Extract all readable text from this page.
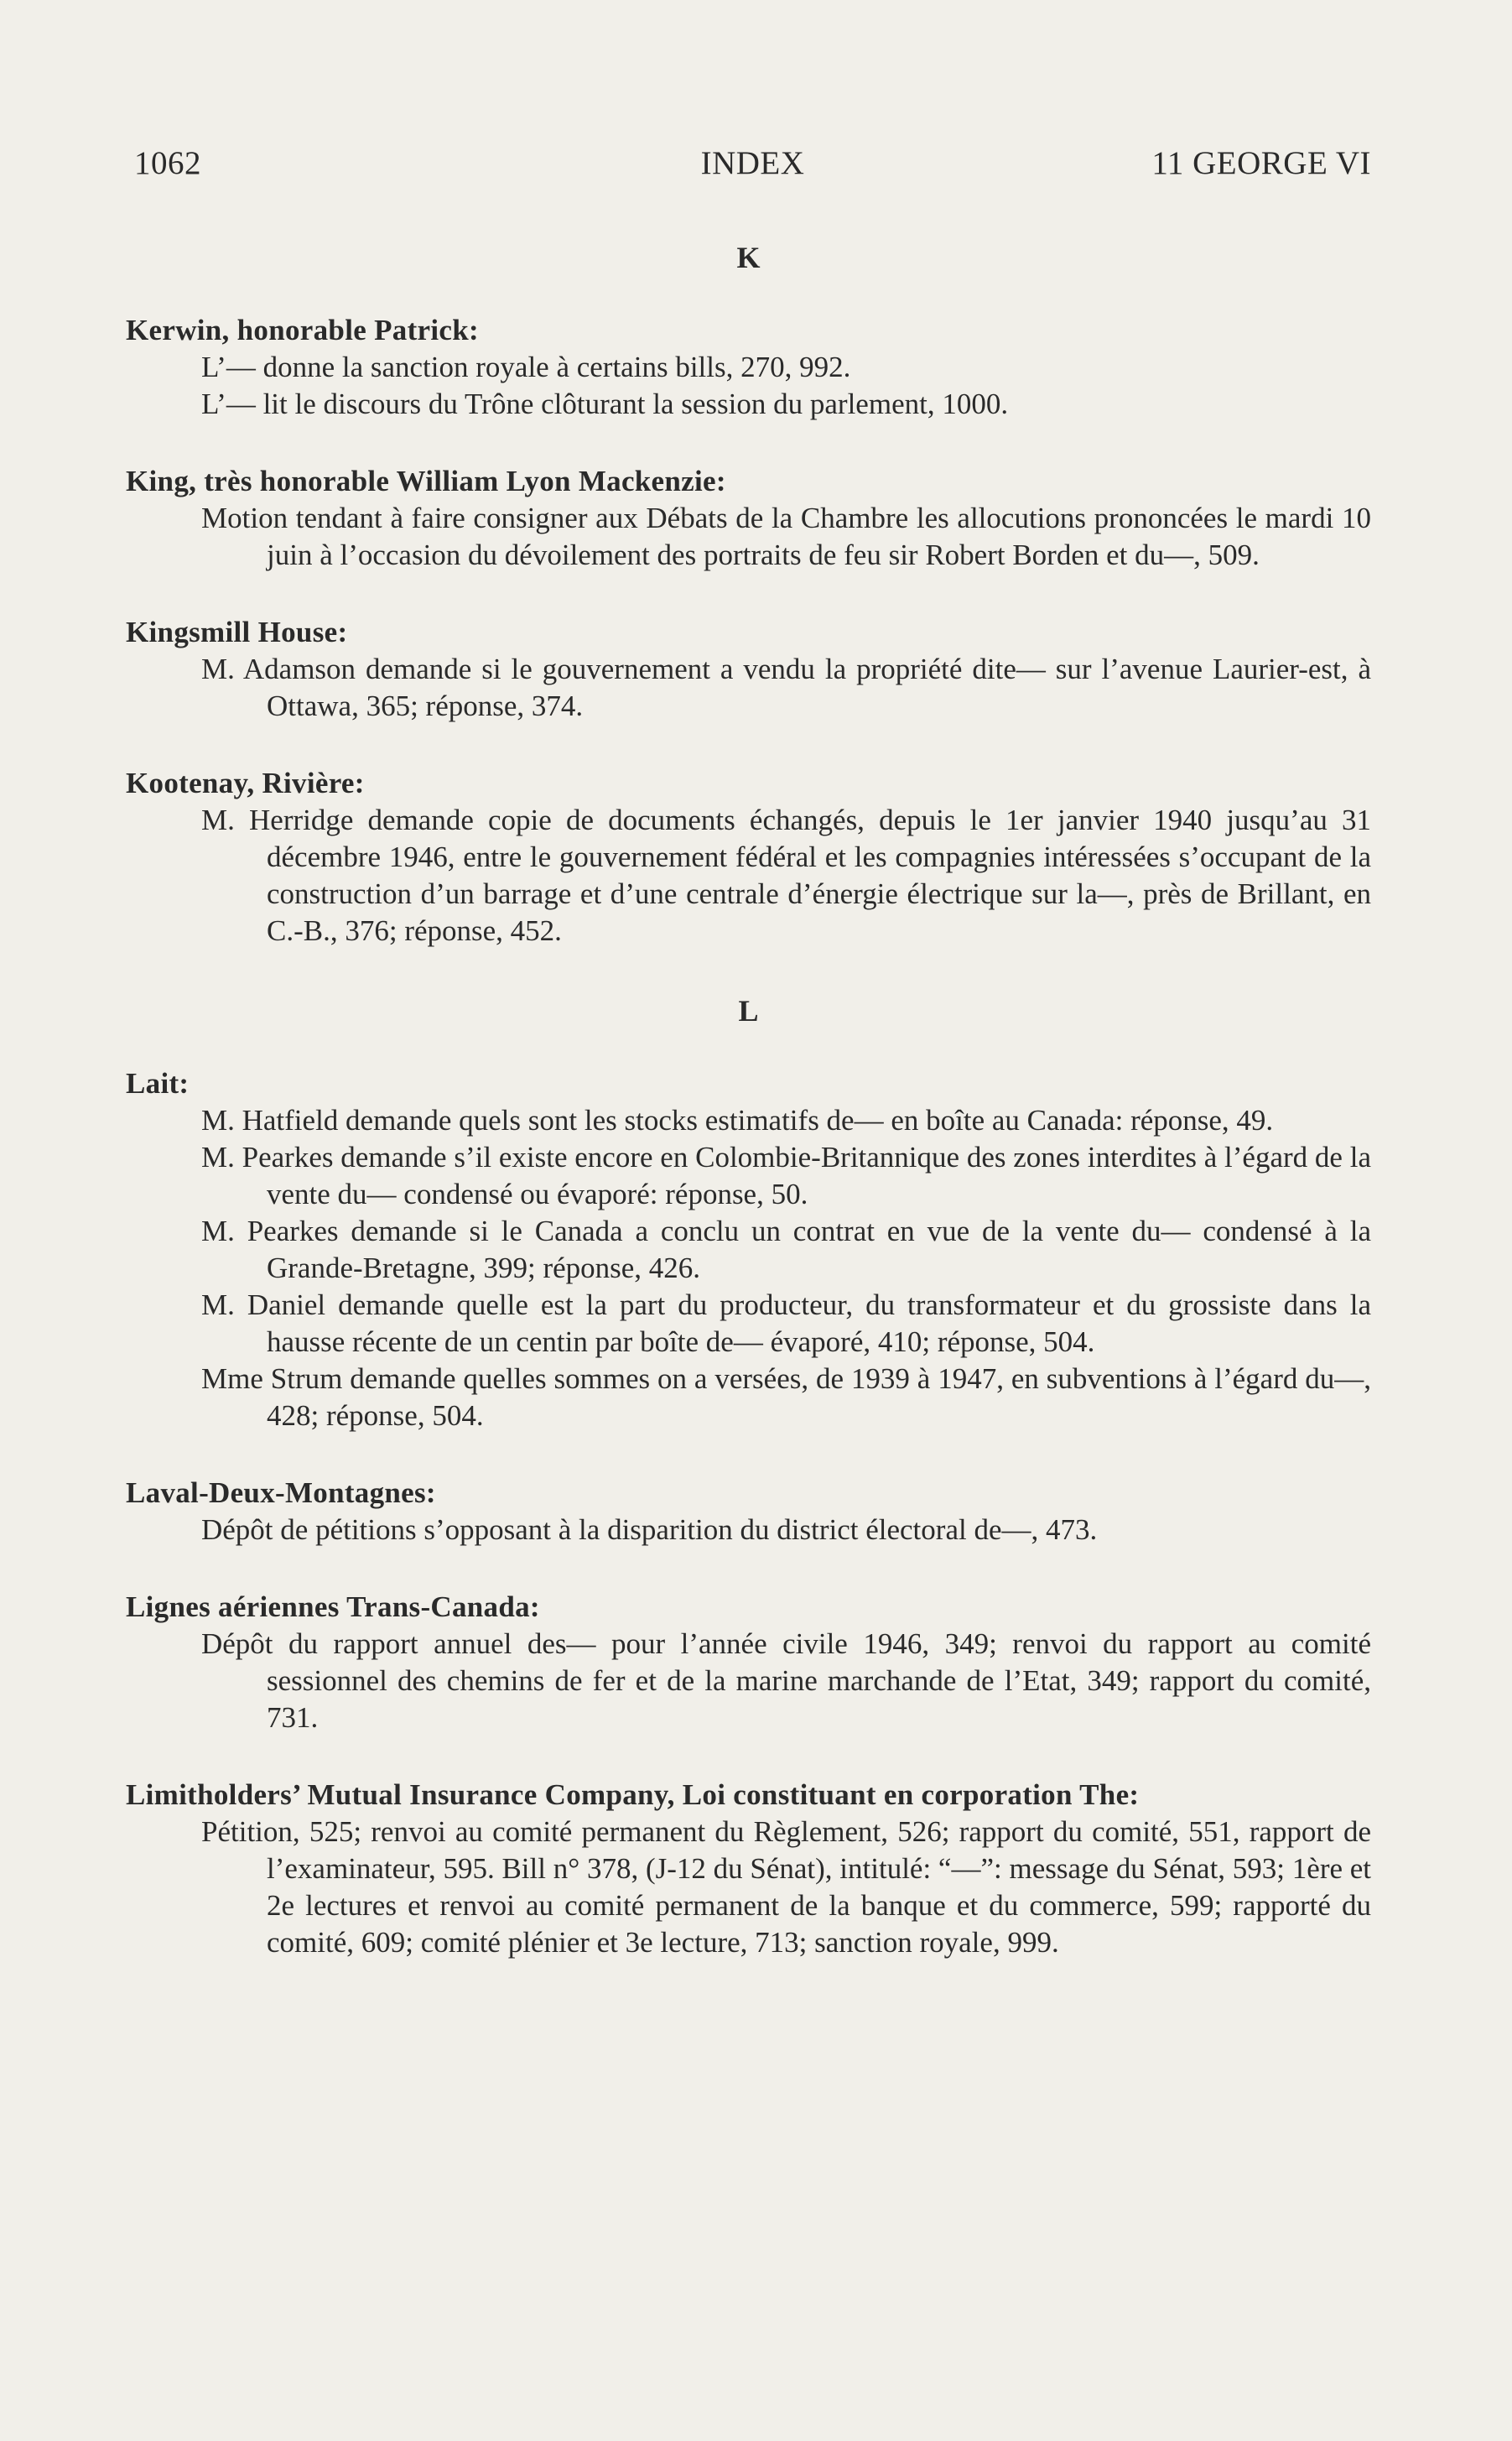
1062	INDEX	11 GEORGE VI
K

Kerwin, honorable Patrick:

L’— donne la sanction royale à certains bills, 270, 992.

L’— lit le discours du Trône clôturant la session du parlement, 1000.

King, très honorable William Lyon Mackenzie:

Motion tendant à faire consigner aux Débats de la Chambre les allocutions prononcées le mardi 10 juin à l’occasion du dévoilement des portraits de feu sir Robert Borden et du—, 509.

Kingsmill House:

M. Adamson demande si le gouvernement a vendu la propriété dite— sur l’avenue Laurier-est, à Ottawa, 365; réponse, 374.

Kootenay, Rivière:

M. Herridge demande copie de documents échangés, depuis le 1er janvier 1940 jusqu’au 31 décembre 1946, entre le gouvernement fédéral et les compagnies intéressées s’occupant de la construction d’un barrage et d’une centrale d’énergie électrique sur la—, près de Brillant, en C.-B., 376; réponse, 452.

L

Lait:

M. Hatfield demande quels sont les stocks estimatifs de— en boîte au Canada: réponse, 49.

M. Pearkes demande s’il existe encore en Colombie-Britannique des zones interdites à l’égard de la vente du— condensé ou évaporé: réponse, 50.

M. Pearkes demande si le Canada a conclu un contrat en vue de la vente du— condensé à la Grande-Bretagne, 399; réponse, 426.

M. Daniel demande quelle est la part du producteur, du transformateur et du grossiste dans la hausse récente de un centin par boîte de— évaporé, 410; réponse, 504.

Mme Strum demande quelles sommes on a versées, de 1939 à 1947, en subventions à l’égard du—, 428; réponse, 504.

Laval-Deux-Montagnes:

Dépôt de pétitions s’opposant à la disparition du district électoral de—, 473.

Lignes aériennes Trans-Canada:

Dépôt du rapport annuel des— pour l’année civile 1946, 349; renvoi du rapport au comité sessionnel des chemins de fer et de la marine marchande de l’Etat, 349; rapport du comité, 731.

Limitholders’ Mutual Insurance Company, Loi constituant en corporation The:

Pétition, 525; renvoi au comité permanent du Règlement, 526; rapport du comité, 551, rapport de l’examinateur, 595. Bill n° 378, (J-12 du Sénat), intitulé: “—”: message du Sénat, 593; 1ère et 2e lectures et renvoi au comité permanent de la banque et du commerce, 599; rapporté du comité, 609; comité plénier et 3e lecture, 713; sanction royale, 999.
